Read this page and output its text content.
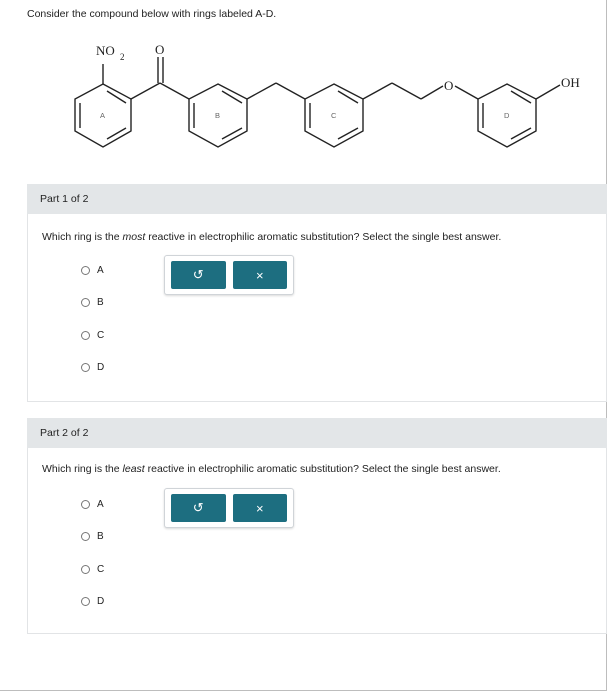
Consider the compound below with rings labeled A-D.
NO 2 O
O	OH
A	B	C	D
Part 1 of 2
Which ring is the most reactive in electrophilic aromatic substitution? Select the single best answer.
A
B
C
D
↺	×
Part 2 of 2
Which ring is the least reactive in electrophilic aromatic substitution? Select the single best answer.
A
B
C
D
↺	×
